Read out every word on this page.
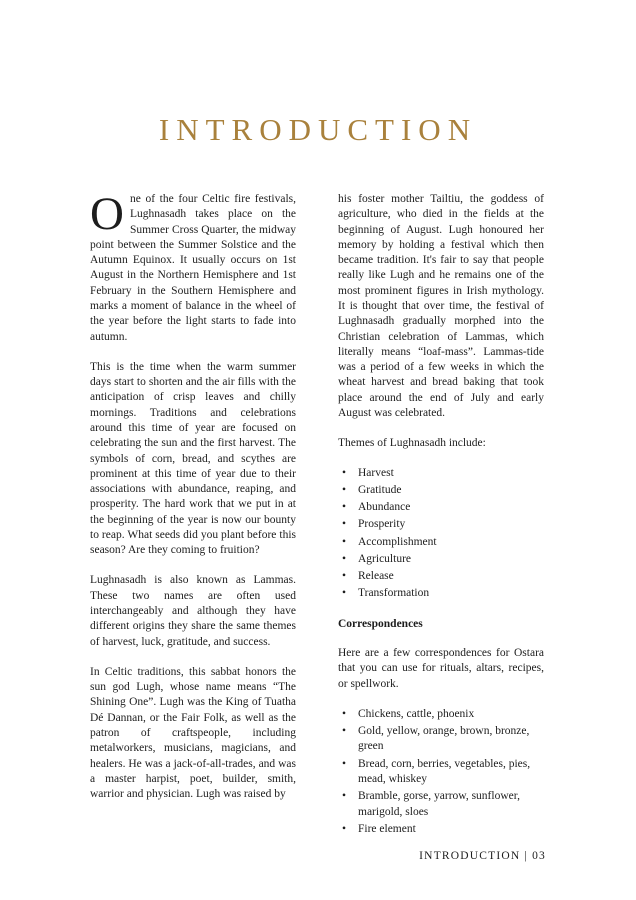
INTRODUCTION

One of the four Celtic fire festivals, Lughnasadh takes place on the Summer Cross Quarter, the midway point between the Summer Solstice and the Autumn Equinox. It usually occurs on 1st August in the Northern Hemisphere and 1st February in the Southern Hemisphere and marks a moment of balance in the wheel of the year before the light starts to fade into autumn.

This is the time when the warm summer days start to shorten and the air fills with the anticipation of crisp leaves and chilly mornings. Traditions and celebrations around this time of year are focused on celebrating the sun and the first harvest. The symbols of corn, bread, and scythes are prominent at this time of year due to their associations with abundance, reaping, and prosperity. The hard work that we put in at the beginning of the year is now our bounty to reap. What seeds did you plant before this season? Are they coming to fruition?

Lughnasadh is also known as Lammas. These two names are often used interchangeably and although they have different origins they share the same themes of harvest, luck, gratitude, and success.

In Celtic traditions, this sabbat honors the sun god Lugh, whose name means “The Shining One”. Lugh was the King of Tuatha Dé Dannan, or the Fair Folk, as well as the patron of craftspeople, including metalworkers, musicians, magicians, and healers. He was a jack-of-all-trades, and was a master harpist, poet, builder, smith, warrior and physician. Lugh was raised by

his foster mother Tailtiu, the goddess of agriculture, who died in the fields at the beginning of August. Lugh honoured her memory by holding a festival which then became tradition. It's fair to say that people really like Lugh and he remains one of the most prominent figures in Irish mythology. It is thought that over time, the festival of Lughnasadh gradually morphed into the Christian celebration of Lammas, which literally means “loaf-mass”. Lammas-tide was a period of a few weeks in which the wheat harvest and bread baking that took place around the end of July and early August was celebrated.

Themes of Lughnasadh include:

• Harvest
• Gratitude
• Abundance
• Prosperity
• Accomplishment
• Agriculture
• Release
• Transformation

Correspondences

Here are a few correspondences for Ostara that you can use for rituals, altars, recipes, or spellwork.

• Chickens, cattle, phoenix
• Gold, yellow, orange, brown, bronze, green
• Bread, corn, berries, vegetables, pies, mead, whiskey
• Bramble, gorse, yarrow, sunflower, marigold, sloes
• Fire element
INTRODUCTION | 03
